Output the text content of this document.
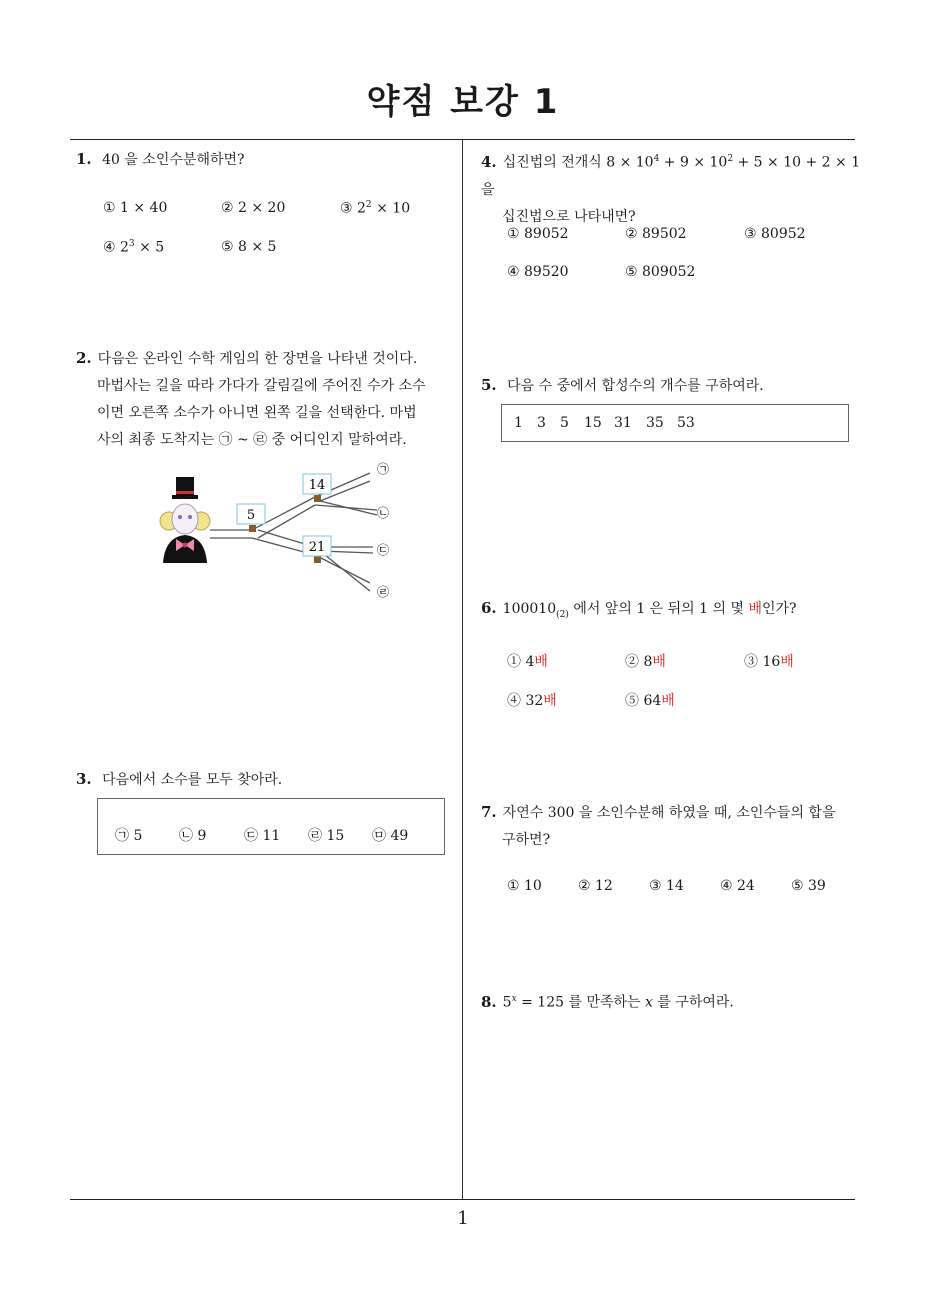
약점 보강 1
1. 40 을 소인수분해하면?
① 1 × 40	② 2 × 20	③ $2^2 \times 10$
④ $2^3 \times 5$	⑤ 8 × 5
2. 다음은 온라인 수학 게임의 한 장면을 나타낸 것이다.
마법사는 길을 따라 가다가 갈림길에 주어진 수가 소수
이면 오른쪽 소수가 아니면 왼쪽 길을 선택한다. 마법
사의 최종 도착지는 ㉠ ~ ㉣ 중 어디인지 말하여라.
5
14
21
㉠
㉡
㉢
㉣
3. 다음에서 소수를 모두 찾아라.
㉠ 5	㉡ 9	㉢ 11 ㉣ 15 ㉤ 49
4. 십진법의 전개식 $8 \times 10^4 + 9 \times 10^2 + 5 \times 10 + 2 \times 1$ 을
십진법으로 나타내면?
① 89052	② 89502	③ 80952
④ 89520	⑤ 809052
5. 다음 수 중에서 합성수의 개수를 구하여라.
1 3 5 15 31 35 53
6. $100010_{(2)}$ 에서 앞의 1 은 뒤의 1 의 몇 배인가?
① 4배	② 8배	③ 16배
④ 32배	⑤ 64배
7. 자연수 300 을 소인수분해 하였을 때, 소인수들의 합을
구하면?
① 10	② 12	③ 14	④ 24	⑤ 39
8. $5^x = 125$ 를 만족하는 x 를 구하여라.
1
